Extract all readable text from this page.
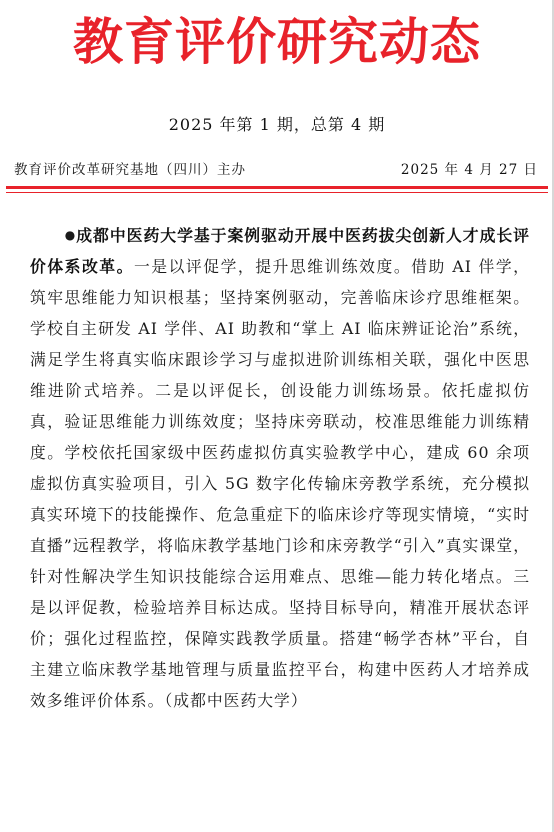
教育评价研究动态
2025 年第 1 期，总第 4 期
教育评价改革研究基地（四川）主办	2025 年 4 月 27 日
●成都中医药大学基于案例驱动开展中医药拔尖创新人才成长评价体系改革。一是以评促学，提升思维训练效度。借助 AI 伴学，筑牢思维能力知识根基；坚持案例驱动，完善临床诊疗思维框架。学校自主研发 AI 学伴、AI 助教和“掌上 AI 临床辨证论治”系统，满足学生将真实临床跟诊学习与虚拟进阶训练相关联，强化中医思维进阶式培养。二是以评促长，创设能力训练场景。依托虚拟仿真，验证思维能力训练效度；坚持床旁联动，校准思维能力训练精度。学校依托国家级中医药虚拟仿真实验教学中心，建成 60 余项虚拟仿真实验项目，引入 5G 数字化传输床旁教学系统，充分模拟真实环境下的技能操作、危急重症下的临床诊疗等现实情境，“实时直播”远程教学，将临床教学基地门诊和床旁教学“引入”真实课堂，针对性解决学生知识技能综合运用难点、思维—能力转化堵点。三是以评促教，检验培养目标达成。坚持目标导向，精准开展状态评价；强化过程监控，保障实践教学质量。搭建“畅学杏林”平台，自主建立临床教学基地管理与质量监控平台，构建中医药人才培养成效多维评价体系。（成都中医药大学）
